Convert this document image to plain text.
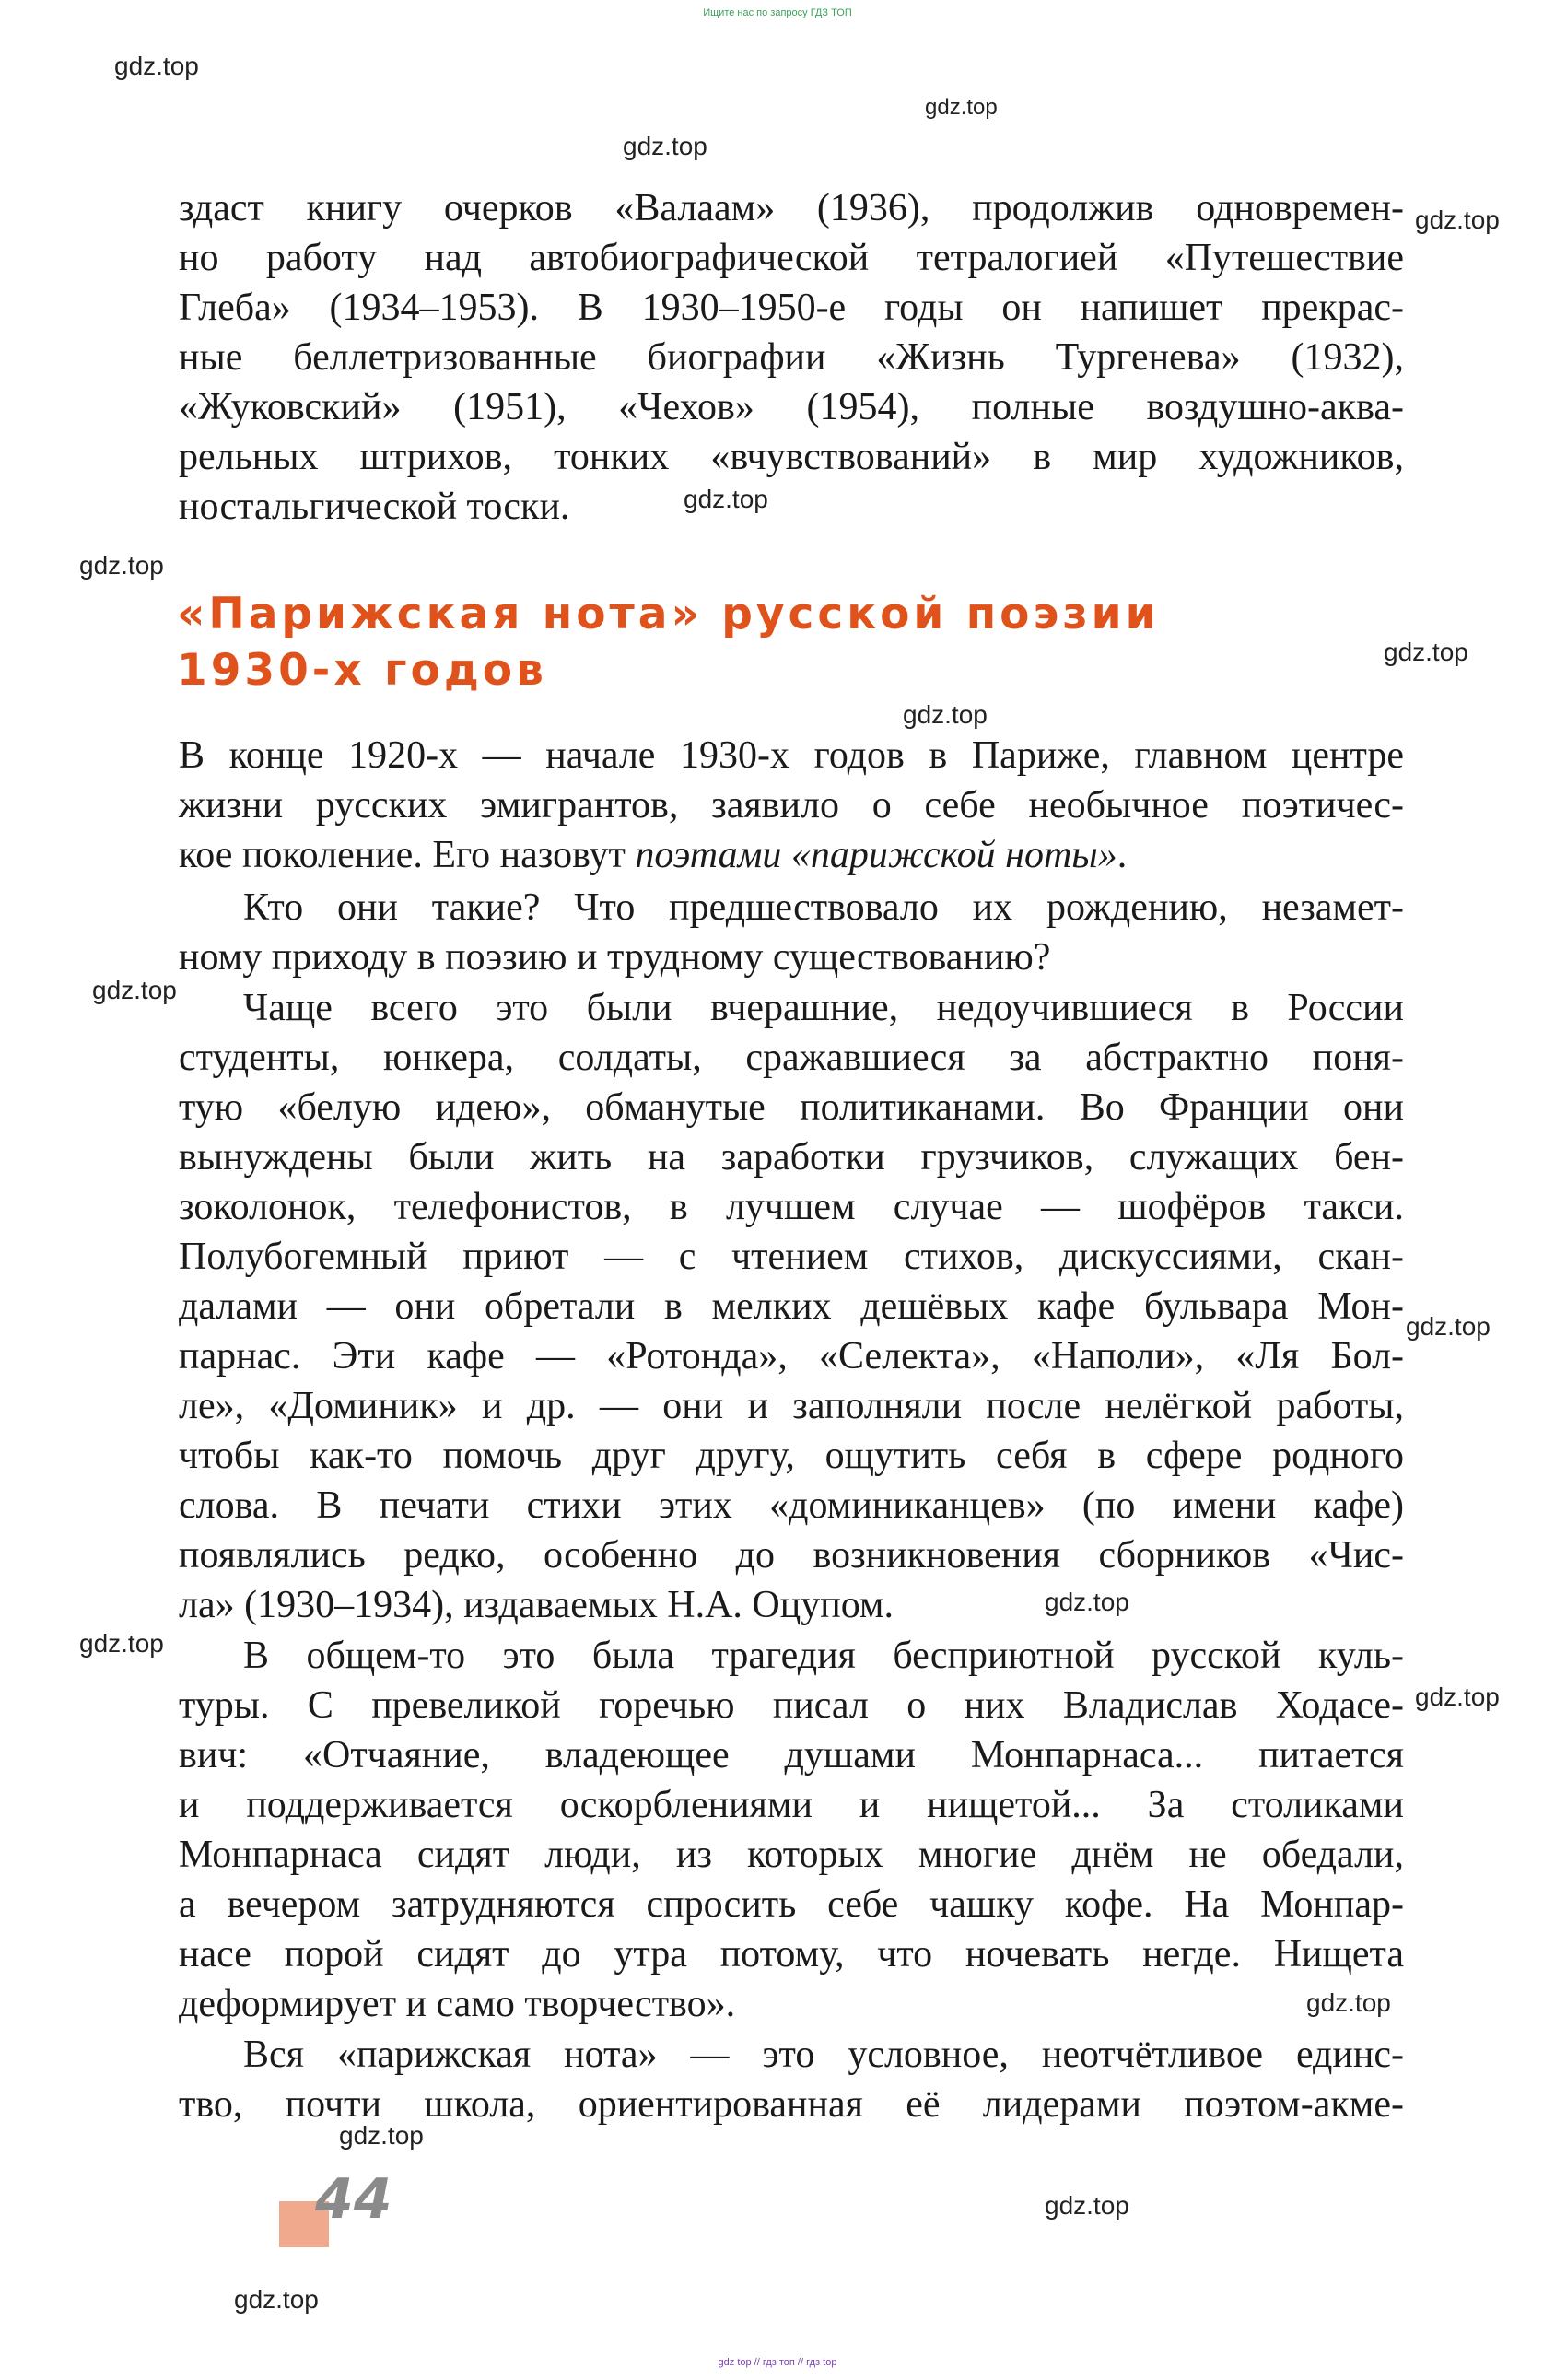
Ищите нас по запросу ГДЗ ТОП
gdz.top
gdz.top
gdz.top
gdz.top
gdz.top
gdz.top
gdz.top
gdz.top
gdz.top
gdz.top
gdz.top
gdz.top
gdz.top
gdz.top
gdz.top
gdz.top
gdz.top
здаст книгу очерков «Валаам» (1936), продолжив одновремен-
но работу над автобиографической тетралогией «Путешествие
Глеба» (1934–1953). В 1930–1950-е годы он напишет прекрас-
ные беллетризованные биографии «Жизнь Тургенева» (1932),
«Жуковский» (1951), «Чехов» (1954), полные воздушно-аква-
рельных штрихов, тонких «вчувствований» в мир художников,
ностальгической тоски.
«Парижская нота» русской поэзии
1930-х годов
В конце 1920-х — начале 1930-х годов в Париже, главном центре
жизни русских эмигрантов, заявило о себе необычное поэтичес-
кое поколение. Его назовут поэтами «парижской ноты».
Кто они такие? Что предшествовало их рождению, незамет-
ному приходу в поэзию и трудному существованию?
Чаще всего это были вчерашние, недоучившиеся в России
студенты, юнкера, солдаты, сражавшиеся за абстрактно поня-
тую «белую идею», обманутые политиканами. Во Франции они
вынуждены были жить на заработки грузчиков, служащих бен-
зоколонок, телефонистов, в лучшем случае — шофёров такси.
Полубогемный приют — с чтением стихов, дискуссиями, скан-
далами — они обретали в мелких дешёвых кафе бульвара Мон-
парнас. Эти кафе — «Ротонда», «Селекта», «Наполи», «Ля Бол-
ле», «Доминик» и др. — они и заполняли после нелёгкой работы,
чтобы как-то помочь друг другу, ощутить себя в сфере родного
слова. В печати стихи этих «доминиканцев» (по имени кафе)
появлялись редко, особенно до возникновения сборников «Чис-
ла» (1930–1934), издаваемых Н.А. Оцупом.
В общем-то это была трагедия бесприютной русской куль-
туры. С превеликой горечью писал о них Владислав Ходасе-
вич: «Отчаяние, владеющее душами Монпарнаса... питается
и поддерживается оскорблениями и нищетой... За столиками
Монпарнаса сидят люди, из которых многие днём не обедали,
а вечером затрудняются спросить себе чашку кофе. На Монпар-
насе порой сидят до утра потому, что ночевать негде. Нищета
деформирует и само творчество».
Вся «парижская нота» — это условное, неотчётливое единс-
тво, почти школа, ориентированная её лидерами поэтом-акме-
44
gdz top // гдз топ // гдз top
